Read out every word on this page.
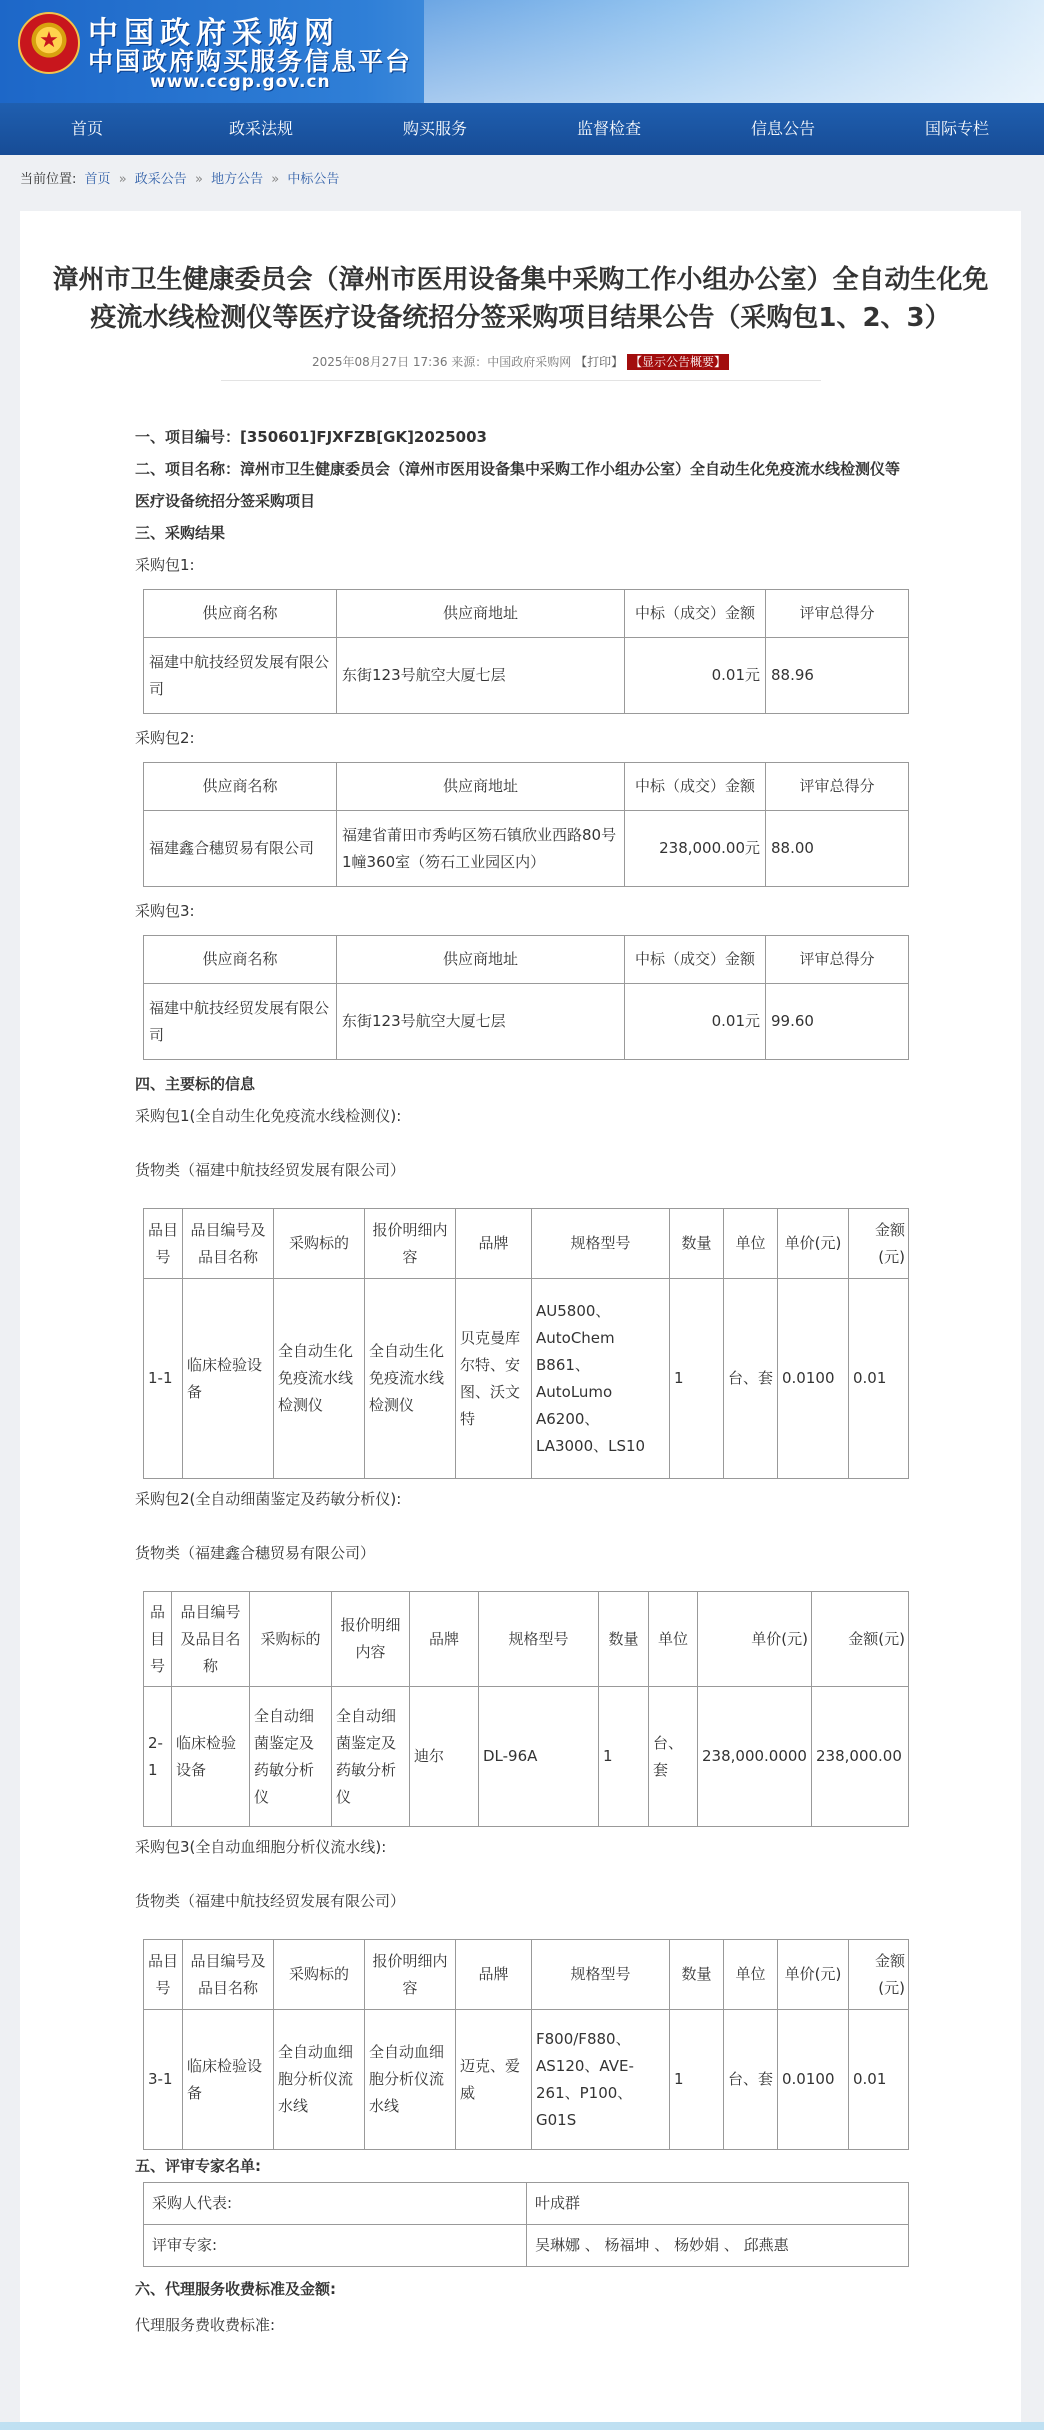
★
中国政府采购网
中国政府购买服务信息平台
www.ccgp.gov.cn
首页	政采法规	购买服务	监督检查	信息公告	国际专栏
当前位置: 首页 » 政采公告 » 地方公告 » 中标公告
漳州市卫生健康委员会（漳州市医用设备集中采购工作小组办公室）全自动生化免疫流水线检测仪等医疗设备统招分签采购项目结果公告（采购包1、2、3）
2025年08月27日 17:36 来源：中国政府采购网 【打印】 【显示公告概要】
一、项目编号：[350601]FJXFZB[GK]2025003
二、项目名称：漳州市卫生健康委员会（漳州市医用设备集中采购工作小组办公室）全自动生化免疫流水线检测仪等医疗设备统招分签采购项目
三、采购结果
采购包1:
供应商名称	供应商地址	中标（成交）金额	评审总得分
福建中航技经贸发展有限公司	东街123号航空大厦七层	0.01元	88.96
采购包2:
供应商名称	供应商地址	中标（成交）金额	评审总得分
福建鑫合穗贸易有限公司	福建省莆田市秀屿区笏石镇欣业西路80号1幢360室（笏石工业园区内）	238,000.00元	88.00
采购包3:
供应商名称	供应商地址	中标（成交）金额	评审总得分
福建中航技经贸发展有限公司	东街123号航空大厦七层	0.01元	99.60
四、主要标的信息
采购包1(全自动生化免疫流水线检测仪):
货物类（福建中航技经贸发展有限公司）
品目号	品目编号及品目名称	采购标的	报价明细内容	品牌	规格型号	数量	单位	单价(元)	金额(元)
1-1	临床检验设备	全自动生化免疫流水线检测仪	全自动生化免疫流水线检测仪	贝克曼库尔特、安图、沃文特	AU5800、AutoChem B861、AutoLumo A6200、LA3000、LS10	1	台、套	0.0100	0.01
采购包2(全自动细菌鉴定及药敏分析仪):
货物类（福建鑫合穗贸易有限公司）
品目号	品目编号及品目名称	采购标的	报价明细内容	品牌	规格型号	数量	单位	单价(元)	金额(元)
2-1	临床检验设备	全自动细菌鉴定及药敏分析仪	全自动细菌鉴定及药敏分析仪	迪尔	DL-96A	1	台、套	238,000.0000	238,000.00
采购包3(全自动血细胞分析仪流水线):
货物类（福建中航技经贸发展有限公司）
品目号	品目编号及品目名称	采购标的	报价明细内容	品牌	规格型号	数量	单位	单价(元)	金额(元)
3-1	临床检验设备	全自动血细胞分析仪流水线	全自动血细胞分析仪流水线	迈克、爱威	F800/F880、AS120、AVE-261、P100、G01S	1	台、套	0.0100	0.01
五、评审专家名单:
采购人代表:	叶成群
评审专家:	吴琳娜 、 杨福坤 、 杨妙娟 、 邱燕惠
六、代理服务收费标准及金额:
代理服务费收费标准:
